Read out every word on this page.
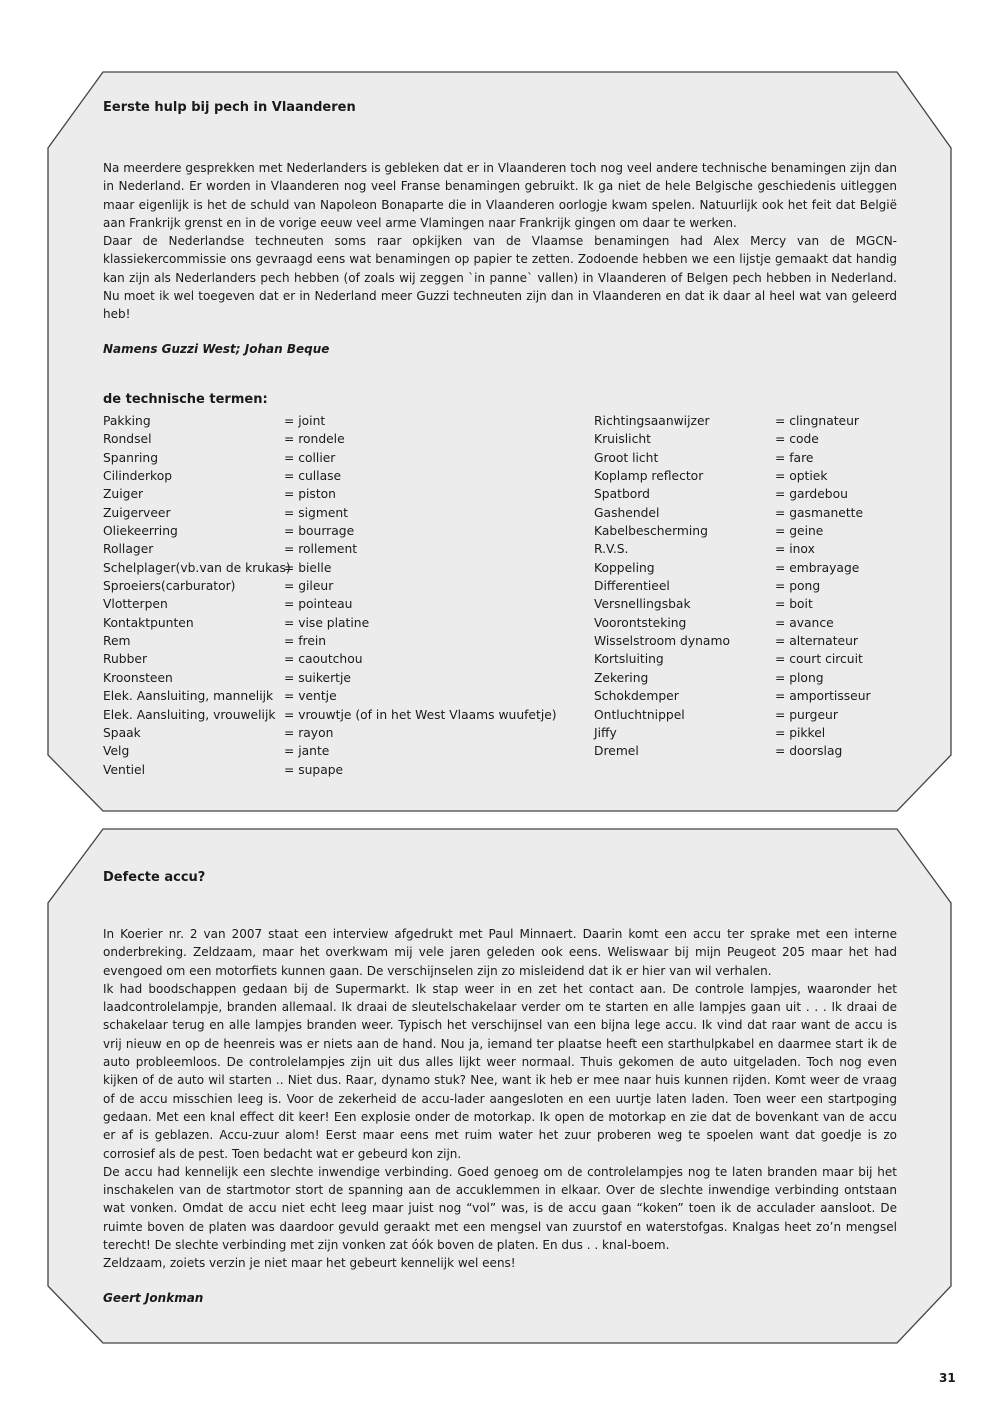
Eerste hulp bij pech in Vlaanderen

Na meerdere gesprekken met Nederlanders is gebleken dat er in Vlaanderen toch nog veel andere technische benamingen zijn dan in Nederland. Er worden in Vlaanderen nog veel Franse benamingen gebruikt. Ik ga niet de hele Belgische geschiedenis uitleggen maar eigenlijk is het de schuld van Napoleon Bonaparte die in Vlaanderen oorlogje kwam spelen. Natuurlijk ook het feit dat België aan Frankrijk grenst en in de vorige eeuw veel arme Vlamingen naar Frankrijk gingen om daar te werken.

Daar de Nederlandse techneuten soms raar opkijken van de Vlaamse benamingen had Alex Mercy van de MGCN-klassiekercommissie ons gevraagd eens wat benamingen op papier te zetten. Zodoende hebben we een lijstje gemaakt dat handig kan zijn als Nederlanders pech hebben (of zoals wij zeggen `in panne` vallen) in Vlaanderen of Belgen pech hebben in Nederland. Nu moet ik wel toegeven dat er in Nederland meer Guzzi techneuten zijn dan in Vlaanderen en dat ik daar al heel wat van geleerd heb!

Namens Guzzi West; Johan Beque

de technische termen:
Pakking	= joint
Rondsel	= rondele
Spanring	= collier
Cilinderkop	= cullase
Zuiger	= piston
Zuigerveer	= sigment
Oliekeerring	= bourrage
Rollager	= rollement
Schelplager(vb.van de krukas)
= bielle
Sproeiers(carburator)	= gileur
Vlotterpen	= pointeau
Kontaktpunten	= vise platine
Rem	= frein
Rubber	= caoutchou
Kroonsteen	= suikertje
Elek. Aansluiting, mannelijk = ventje
Elek. Aansluiting, vrouwelijk = vrouwtje (of in het West Vlaams wuufetje)
Spaak	= rayon
Velg	= jante
Ventiel	= supape
Richtingsaanwijzer	= clingnateur
Kruislicht	= code
Groot licht	= fare
Koplamp reflector	= optiek
Spatbord	= gardebou
Gashendel	= gasmanette
Kabelbescherming	= geine
R.V.S.	= inox
Koppeling	= embrayage
Differentieel	= pong
Versnellingsbak	= boit
Voorontsteking	= avance
Wisselstroom dynamo	= alternateur
Kortsluiting	= court circuit
Zekering	= plong
Schokdemper	= amportisseur
Ontluchtnippel	= purgeur
Jiffy	= pikkel
Dremel	= doorslag
Defecte accu?

In Koerier nr. 2 van 2007 staat een interview afgedrukt met Paul Minnaert. Daarin komt een accu ter sprake met een interne onderbreking. Zeldzaam, maar het overkwam mij vele jaren geleden ook eens. Weliswaar bij mijn Peugeot 205 maar het had evengoed om een motorfiets kunnen gaan. De verschijnselen zijn zo misleidend dat ik er hier van wil verhalen.

Ik had boodschappen gedaan bij de Supermarkt. Ik stap weer in en zet het contact aan. De controle lampjes, waaronder het laadcontrolelampje, branden allemaal. Ik draai de sleutelschakelaar verder om te starten en alle lampjes gaan uit . . . Ik draai de schakelaar terug en alle lampjes branden weer. Typisch het verschijnsel van een bijna lege accu. Ik vind dat raar want de accu is vrij nieuw en op de heenreis was er niets aan de hand. Nou ja, iemand ter plaatse heeft een starthulpkabel en daarmee start ik de auto probleemloos. De controlelampjes zijn uit dus alles lijkt weer normaal. Thuis gekomen de auto uitgeladen. Toch nog even kijken of de auto wil starten .. Niet dus. Raar, dynamo stuk? Nee, want ik heb er mee naar huis kunnen rijden. Komt weer de vraag of de accu misschien leeg is. Voor de zekerheid de accu-lader aangesloten en een uurtje laten laden. Toen weer een startpoging gedaan. Met een knal effect dit keer! Een explosie onder de motorkap. Ik open de motorkap en zie dat de bovenkant van de accu er af is geblazen. Accu-zuur alom! Eerst maar eens met ruim water het zuur proberen weg te spoelen want dat goedje is zo corrosief als de pest. Toen bedacht wat er gebeurd kon zijn.

De accu had kennelijk een slechte inwendige verbinding. Goed genoeg om de controlelampjes nog te laten branden maar bij het inschakelen van de startmotor stort de spanning aan de accuklemmen in elkaar. Over de slechte inwendige verbinding ontstaan wat vonken. Omdat de accu niet echt leeg maar juist nog “vol” was, is de accu gaan “koken” toen ik de acculader aansloot. De ruimte boven de platen was daardoor gevuld geraakt met een mengsel van zuurstof en waterstofgas. Knalgas heet zo’n mengsel terecht! De slechte verbinding met zijn vonken zat óók boven de platen. En dus . . knal-boem.

Zeldzaam, zoiets verzin je niet maar het gebeurt kennelijk wel eens!

Geert Jonkman

31
